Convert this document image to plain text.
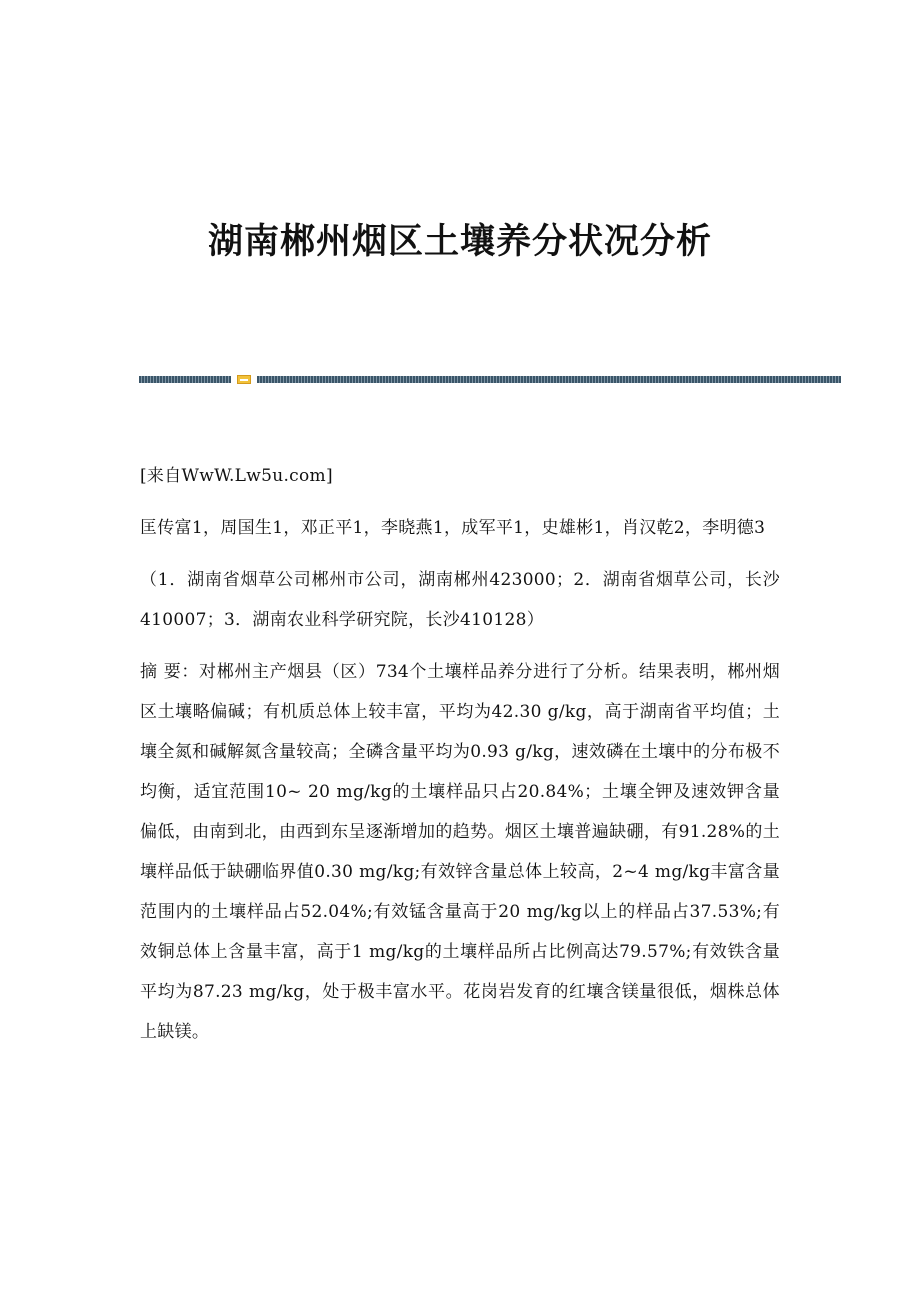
湖南郴州烟区土壤养分状况分析

[来自WwW.Lw5u.com]

匡传富1，周国生1，邓正平1，李晓燕1，成军平1，史雄彬1，肖汉乾2，李明德3

（1．湖南省烟草公司郴州市公司，湖南郴州423000；2．湖南省烟草公司，长沙410007；3．湖南农业科学研究院，长沙410128）

摘 要：对郴州主产烟县（区）734个土壤样品养分进行了分析。结果表明，郴州烟区土壤略偏碱；有机质总体上较丰富，平均为42.30 g/kg，高于湖南省平均值；土壤全氮和碱解氮含量较高；全磷含量平均为0.93 g/kg，速效磷在土壤中的分布极不均衡，适宜范围10~ 20 mg/kg的土壤样品只占20.84%；土壤全钾及速效钾含量偏低，由南到北，由西到东呈逐渐增加的趋势。烟区土壤普遍缺硼，有91.28%的土壤样品低于缺硼临界值0.30 mg/kg;有效锌含量总体上较高，2~4 mg/kg丰富含量范围内的土壤样品占52.04%;有效锰含量高于20 mg/kg以上的样品占37.53%;有效铜总体上含量丰富，高于1 mg/kg的土壤样品所占比例高达79.57%;有效铁含量平均为87.23 mg/kg，处于极丰富水平。花岗岩发育的红壤含镁量很低，烟株总体上缺镁。
